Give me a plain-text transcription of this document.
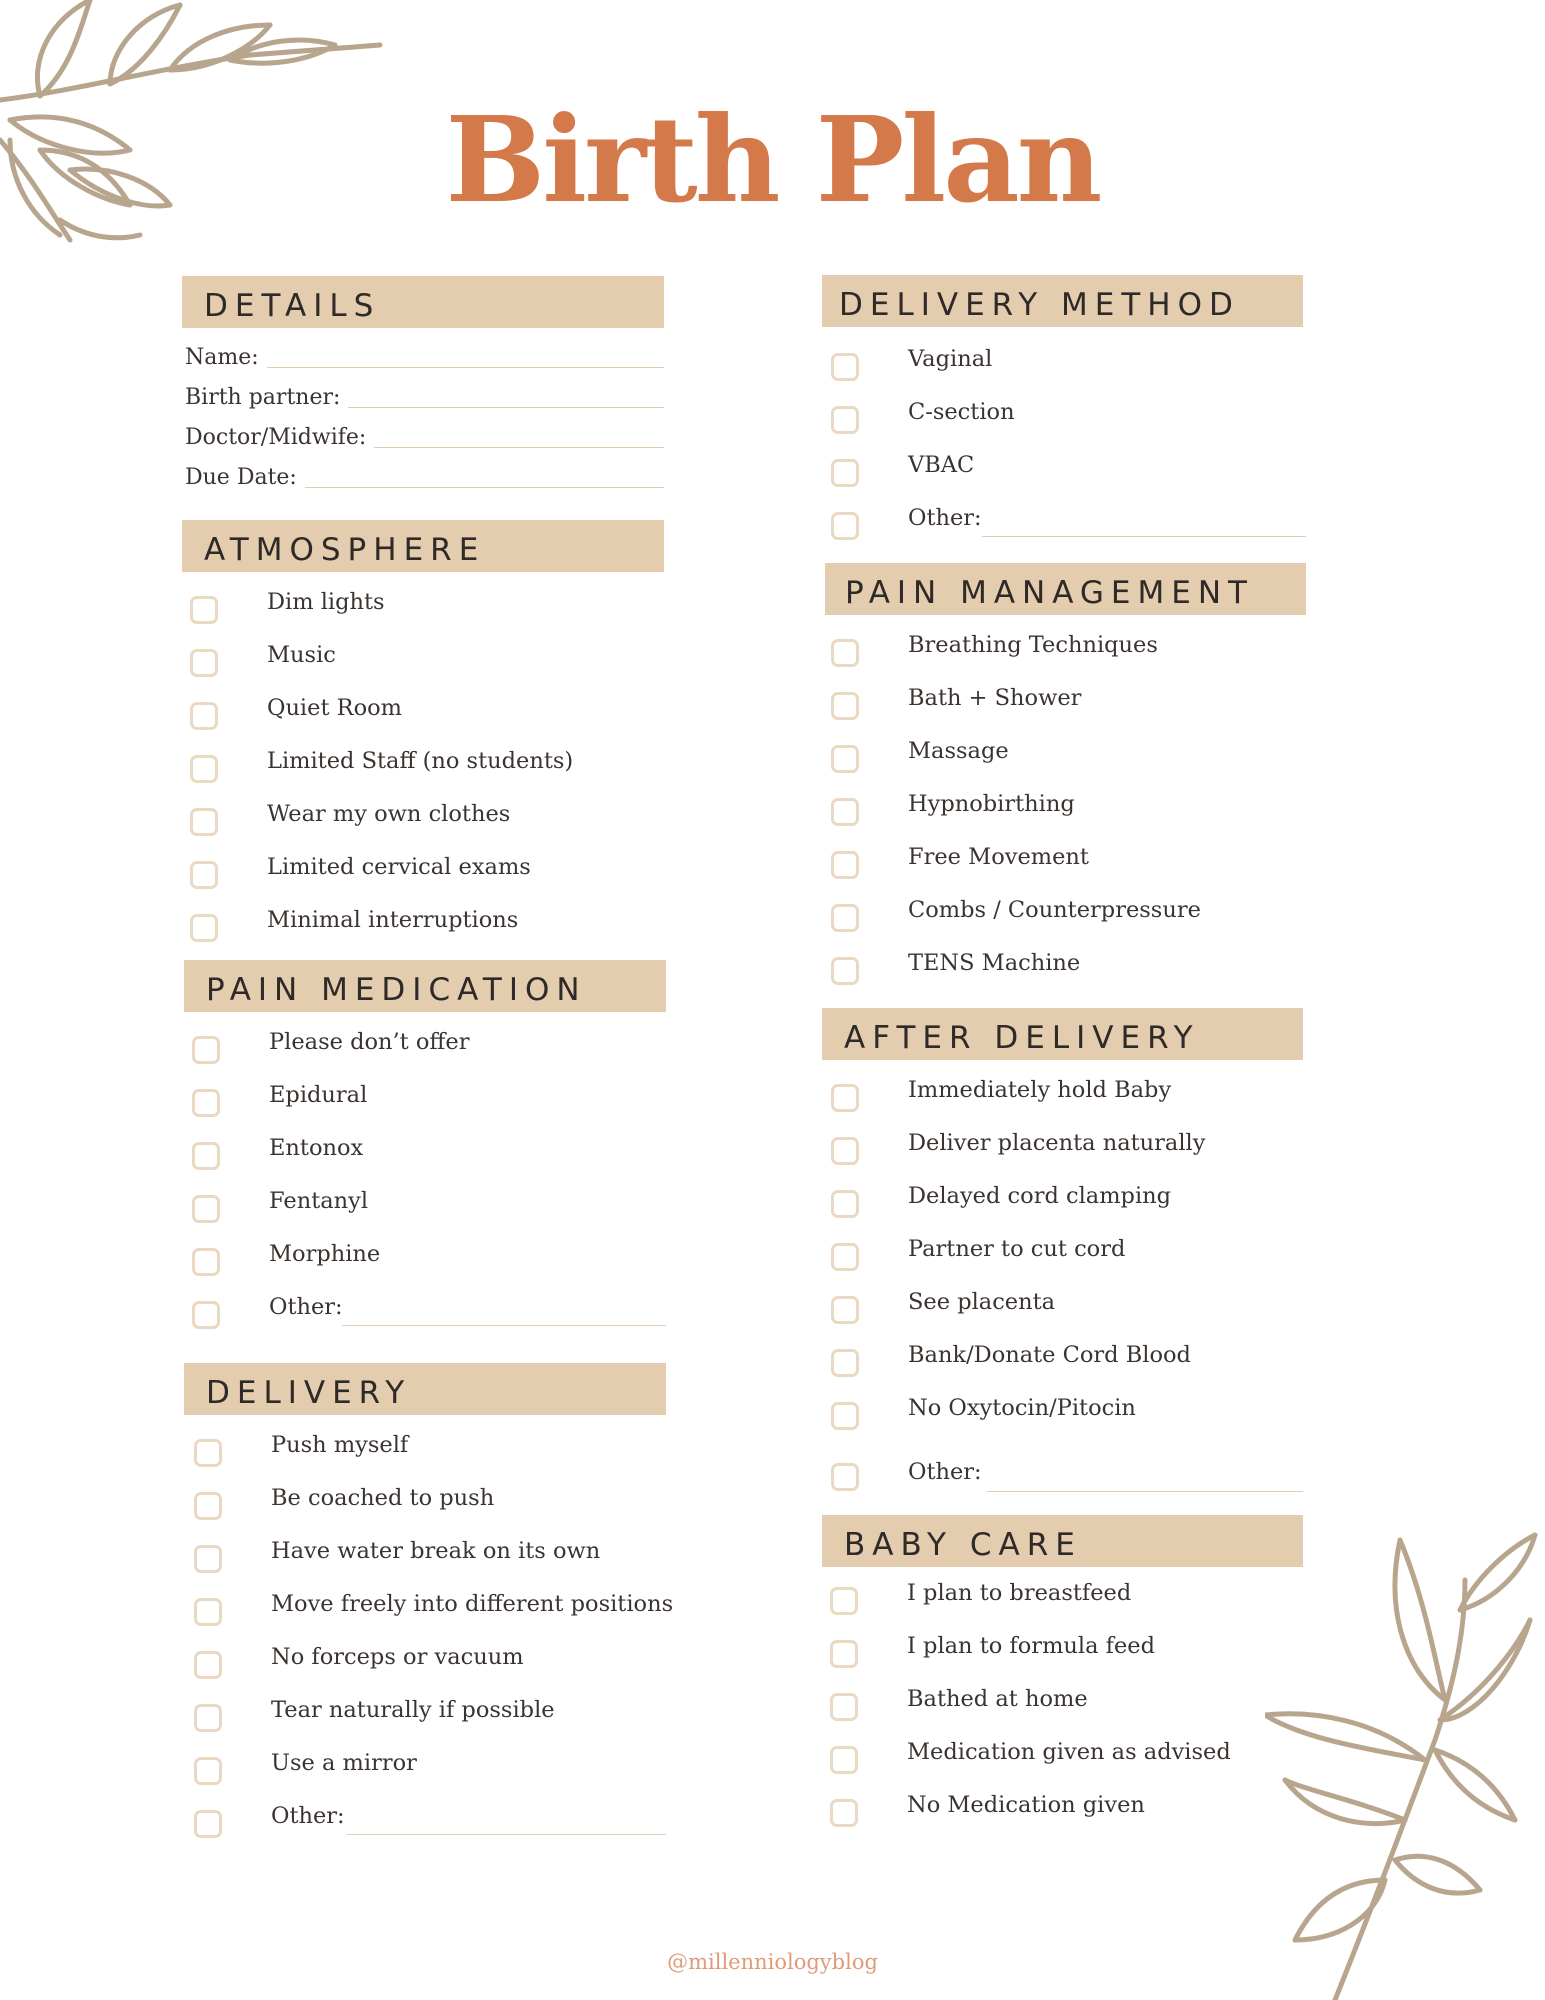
Birth Plan
DETAILS
Name:
Birth partner:
Doctor/Midwife:
Due Date:
ATMOSPHERE
Dim lights
Music
Quiet Room
Limited Staff (no students)
Wear my own clothes
Limited cervical exams
Minimal interruptions
PAIN MEDICATION
Please don’t offer
Epidural
Entonox
Fentanyl
Morphine
Other:
DELIVERY
Push myself
Be coached to push
Have water break on its own
Move freely into different positions
No forceps or vacuum
Tear naturally if possible
Use a mirror
Other:
DELIVERY METHOD
Vaginal
C-section
VBAC
Other:
PAIN MANAGEMENT
Breathing Techniques
Bath + Shower
Massage
Hypnobirthing
Free Movement
Combs / Counterpressure
TENS Machine
AFTER DELIVERY
Immediately hold Baby
Deliver placenta naturally
Delayed cord clamping
Partner to cut cord
See placenta
Bank/Donate Cord Blood
No Oxytocin/Pitocin
Other:
BABY CARE
I plan to breastfeed
I plan to formula feed
Bathed at home
Medication given as advised
No Medication given
@millenniologyblog
